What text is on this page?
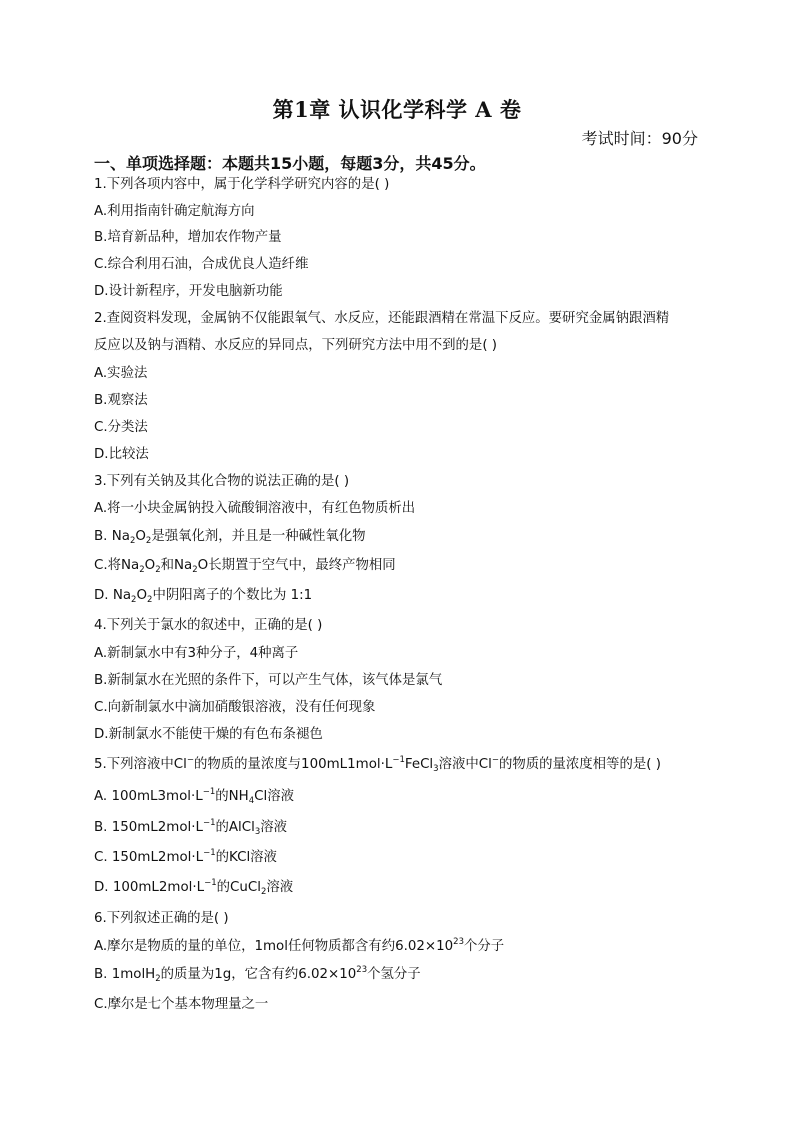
第1章 认识化学科学 A 卷
考试时间：90分
一、单项选择题：本题共15小题，每题3分，共45分。
1.下列各项内容中，属于化学科学研究内容的是( )
A.利用指南针确定航海方向
B.培育新品种，增加农作物产量
C.综合利用石油，合成优良人造纤维
D.设计新程序，开发电脑新功能
2.查阅资料发现，金属钠不仅能跟氧气、水反应，还能跟酒精在常温下反应。要研究金属钠跟酒精
反应以及钠与酒精、水反应的异同点，下列研究方法中用不到的是( )
A.实验法
B.观察法
C.分类法
D.比较法
3.下列有关钠及其化合物的说法正确的是( )
A.将一小块金属钠投入硫酸铜溶液中，有红色物质析出
B. $Na_2O_2$是强氧化剂，并且是一种碱性氧化物
C.将$Na_2O_2$和$Na_2O$长期置于空气中，最终产物相同
D. $Na_2O_2$中阴阳离子的个数比为 1:1
4.下列关于氯水的叙述中，正确的是( )
A.新制氯水中有3种分子，4种离子
B.新制氯水在光照的条件下，可以产生气体，该气体是氯气
C.向新制氯水中滴加硝酸银溶液，没有任何现象
D.新制氯水不能使干燥的有色布条褪色
5.下列溶液中Cl−的物质的量浓度与$100mL1mol\cdot L^{-1}FeCl_3$溶液中Cl−的物质的量浓度相等的是( )
A. $100mL3mol\cdot L^{-1}$的$NH_4Cl$溶液
B. $150mL2mol\cdot L^{-1}$的AlCl$_3$溶液
C. $150mL2mol\cdot L^{-1}$的KCl溶液
D. $100mL2mol\cdot L^{-1}$的CuCl$_2$溶液
6.下列叙述正确的是( )
A.摩尔是物质的量的单位，1mol任何物质都含有约$6.02\times 10^{23}$个分子
B. 1molH$_2$的质量为1g，它含有约$6.02\times 10^{23}$个氢分子
C.摩尔是七个基本物理量之一
